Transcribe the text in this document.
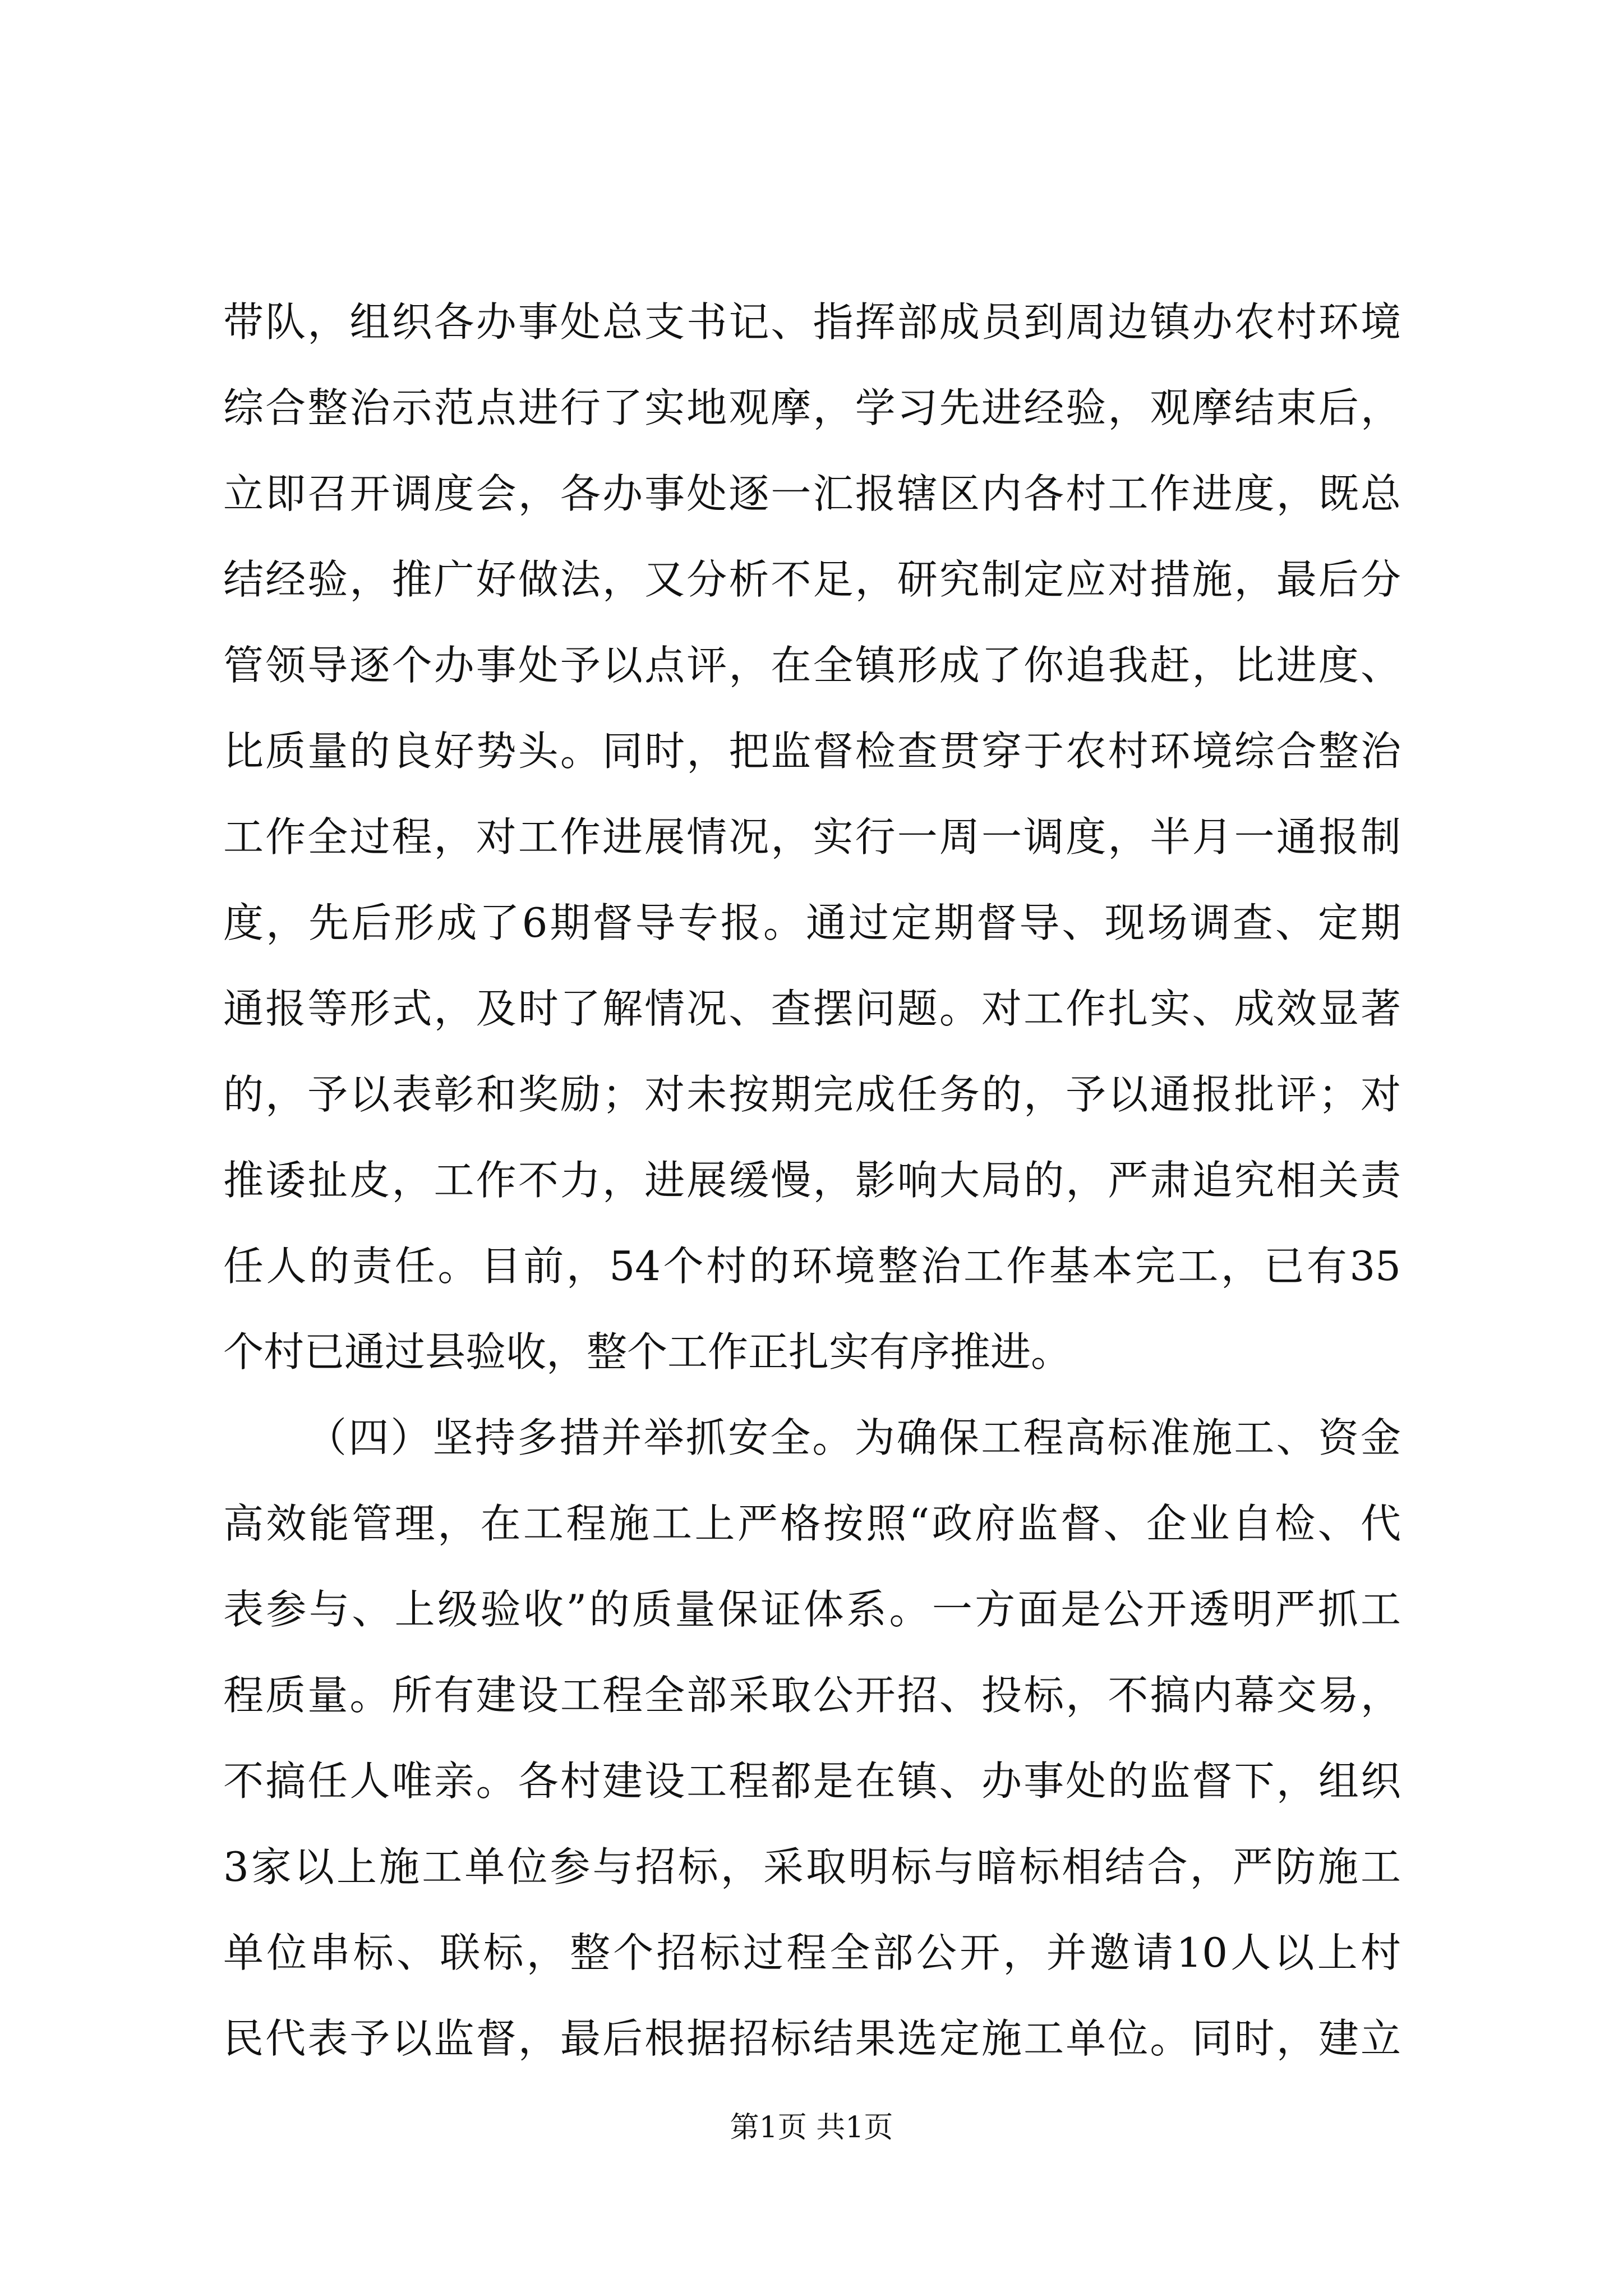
带队，组织各办事处总支书记、指挥部成员到周边镇办农村环境
综合整治示范点进行了实地观摩，学习先进经验，观摩结束后，
立即召开调度会，各办事处逐一汇报辖区内各村工作进度，既总
结经验，推广好做法，又分析不足，研究制定应对措施，最后分
管领导逐个办事处予以点评，在全镇形成了你追我赶，比进度、
比质量的良好势头。同时，把监督检查贯穿于农村环境综合整治
工作全过程，对工作进展情况，实行一周一调度，半月一通报制
度，先后形成了6期督导专报。通过定期督导、现场调查、定期
通报等形式，及时了解情况、查摆问题。对工作扎实、成效显著
的，予以表彰和奖励；对未按期完成任务的，予以通报批评；对
推诿扯皮，工作不力，进展缓慢，影响大局的，严肃追究相关责
任人的责任。目前，54个村的环境整治工作基本完工，已有35
个村已通过县验收，整个工作正扎实有序推进。
（四）坚持多措并举抓安全。为确保工程高标准施工、资金
高效能管理，在工程施工上严格按照“政府监督、企业自检、代
表参与、上级验收”的质量保证体系。一方面是公开透明严抓工
程质量。所有建设工程全部采取公开招、投标，不搞内幕交易，
不搞任人唯亲。各村建设工程都是在镇、办事处的监督下，组织
3家以上施工单位参与招标，采取明标与暗标相结合，严防施工
单位串标、联标，整个招标过程全部公开，并邀请10人以上村
民代表予以监督，最后根据招标结果选定施工单位。同时，建立
第1页 共1页
